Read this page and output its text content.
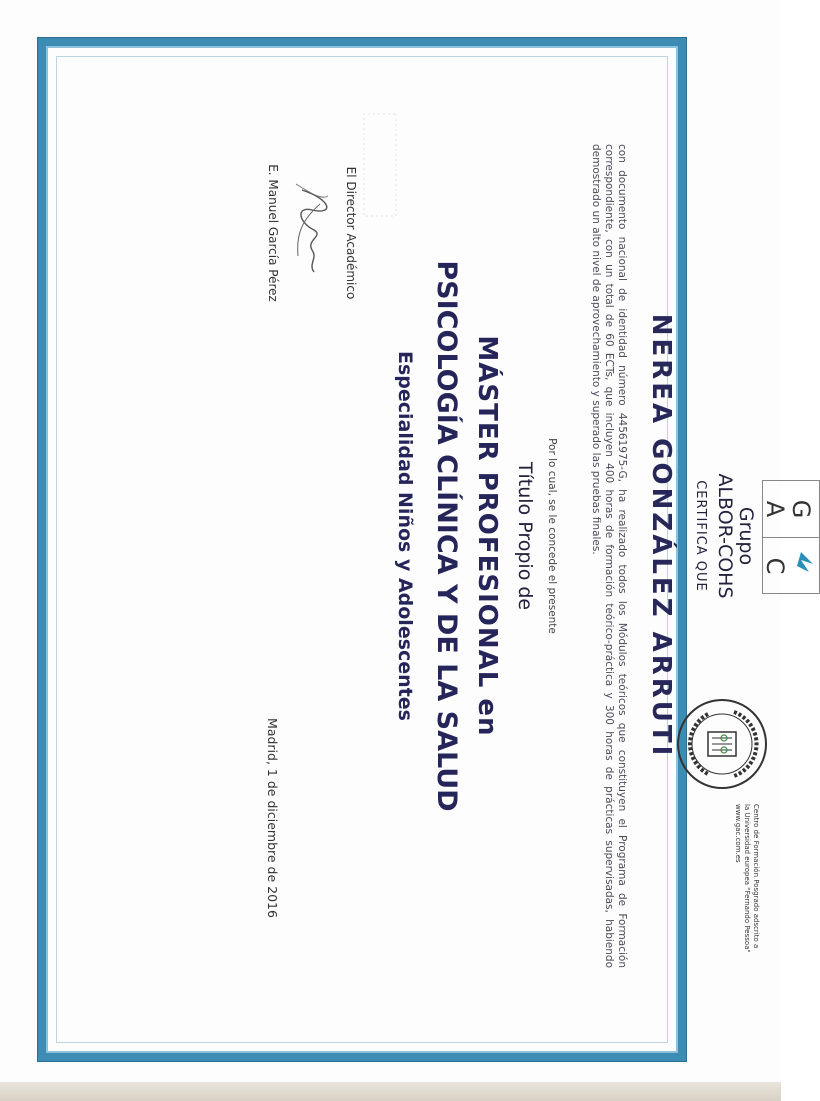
G
A
C
Grupo
ALBOR-COHS
CERTIFICA QUE
NEREA GONZÁLEZ ARRUTI
con documento nacional de identidad número 44561975-G, ha realizado todos los Módulos teóricos que constituyen el Programa de Formación correspondiente, con un total de 60 ECTs, que incluyen 400 horas de formación teórico-práctica y 300 horas de prácticas supervisadas, habiendo demostrado un alto nivel de aprovechamiento y superado las pruebas finales.
Por lo cual, se le concede el presente
Título Propio de
MÁSTER PROFESIONAL en
PSICOLOGÍA CLÍNICA Y DE LA SALUD
Especialidad Niños y Adolescentes
El Director Académico
E. Manuel García Pérez
Madrid, 1 de diciembre de 2016	Centro de Formación Posgrado adscrito a
la Universidad europea "Fernando Pessoa"
www.gac.com.es
